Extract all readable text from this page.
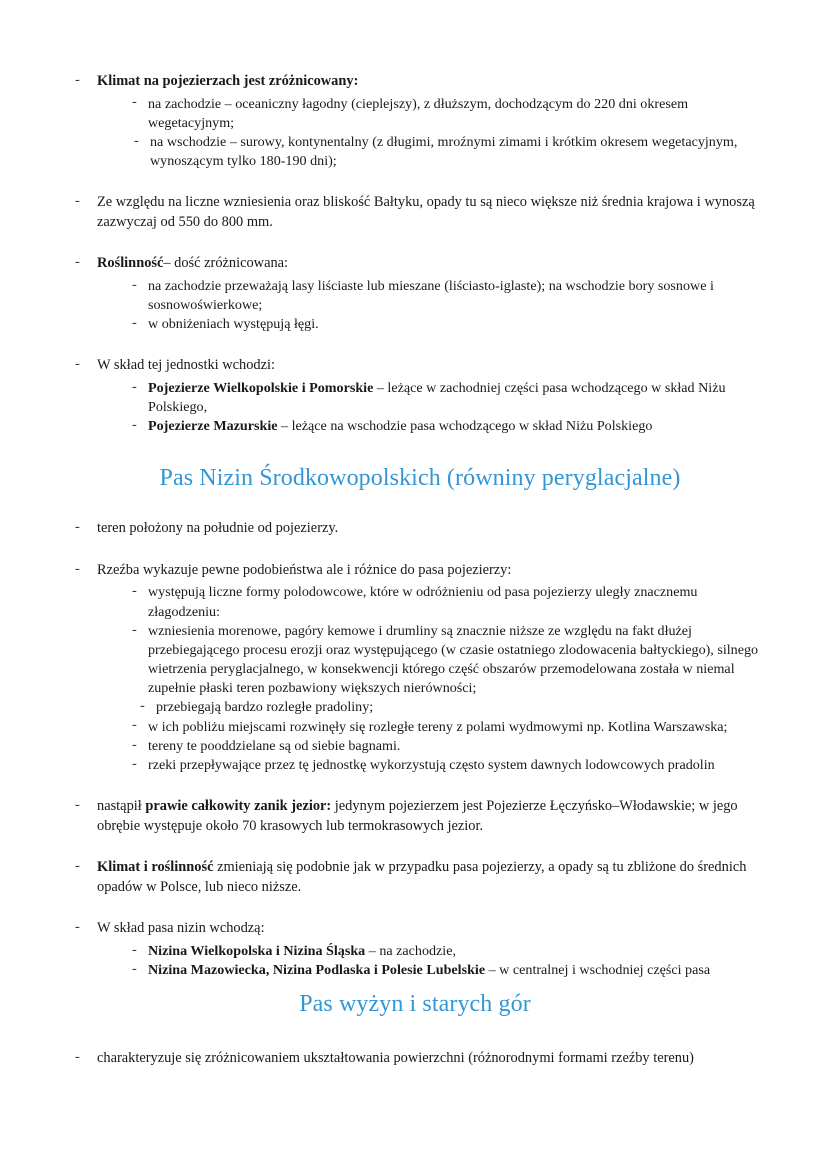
- Klimat na pojezierzach jest zróżnicowany:
- na zachodzie – oceaniczny łagodny (cieplejszy), z dłuższym, dochodzącym do 220 dni okresem wegetacyjnym;
- na wschodzie – surowy, kontynentalny (z długimi, mroźnymi zimami i krótkim okresem wegetacyjnym, wynoszącym tylko 180-190 dni);
- Ze względu na liczne wzniesienia oraz bliskość Bałtyku, opady tu są nieco większe niż średnia krajowa i wynoszą zazwyczaj od 550 do 800 mm.
- Roślinność– dość zróżnicowana:
- na zachodzie przeważają lasy liściaste lub mieszane (liściasto-iglaste); na wschodzie bory sosnowe i sosnowoświerkowe;
- w obniżeniach występują łęgi.
- W skład tej jednostki wchodzi:
- Pojezierze Wielkopolskie i Pomorskie – leżące w zachodniej części pasa wchodzącego w skład Niżu Polskiego,
- Pojezierze Mazurskie – leżące na wschodzie pasa wchodzącego w skład Niżu Polskiego
Pas Nizin Środkowopolskich (równiny peryglacjalne)
- teren położony na południe od pojezierzy.
- Rzeźba wykazuje pewne podobieństwa ale i różnice do pasa pojezierzy:
- występują liczne formy polodowcowe, które w odróżnieniu od pasa pojezierzy uległy znacznemu złagodzeniu:
- wzniesienia morenowe, pagóry kemowe i drumliny są znacznie niższe ze względu na fakt dłużej przebiegającego procesu erozji oraz występującego (w czasie ostatniego zlodowacenia bałtyckiego), silnego wietrzenia peryglacjalnego, w konsekwencji którego część obszarów przemodelowana została w niemal zupełnie płaski teren pozbawiony większych nierówności;
- przebiegają bardzo rozległe pradoliny;
- w ich pobliżu miejscami rozwinęły się rozległe tereny z polami wydmowymi np. Kotlina Warszawska;
- tereny te pooddzielane są od siebie bagnami.
- rzeki przepływające przez tę jednostkę wykorzystują często system dawnych lodowcowych pradolin
- nastąpił prawie całkowity zanik jezior: jedynym pojezierzem jest Pojezierze Łęczyńsko–Włodawskie; w jego obrębie występuje około 70 krasowych lub termokrasowych jezior.
- Klimat i roślinność zmieniają się podobnie jak w przypadku pasa pojezierzy, a opady są tu zbliżone do średnich opadów w Polsce, lub nieco niższe.
- W skład pasa nizin wchodzą:
- Nizina Wielkopolska i Nizina Śląska – na zachodzie,
- Nizina Mazowiecka, Nizina Podlaska i Polesie Lubelskie – w centralnej i wschodniej części pasa
Pas wyżyn i starych gór
- charakteryzuje się zróżnicowaniem ukształtowania powierzchni (różnorodnymi formami rzeźby terenu)
